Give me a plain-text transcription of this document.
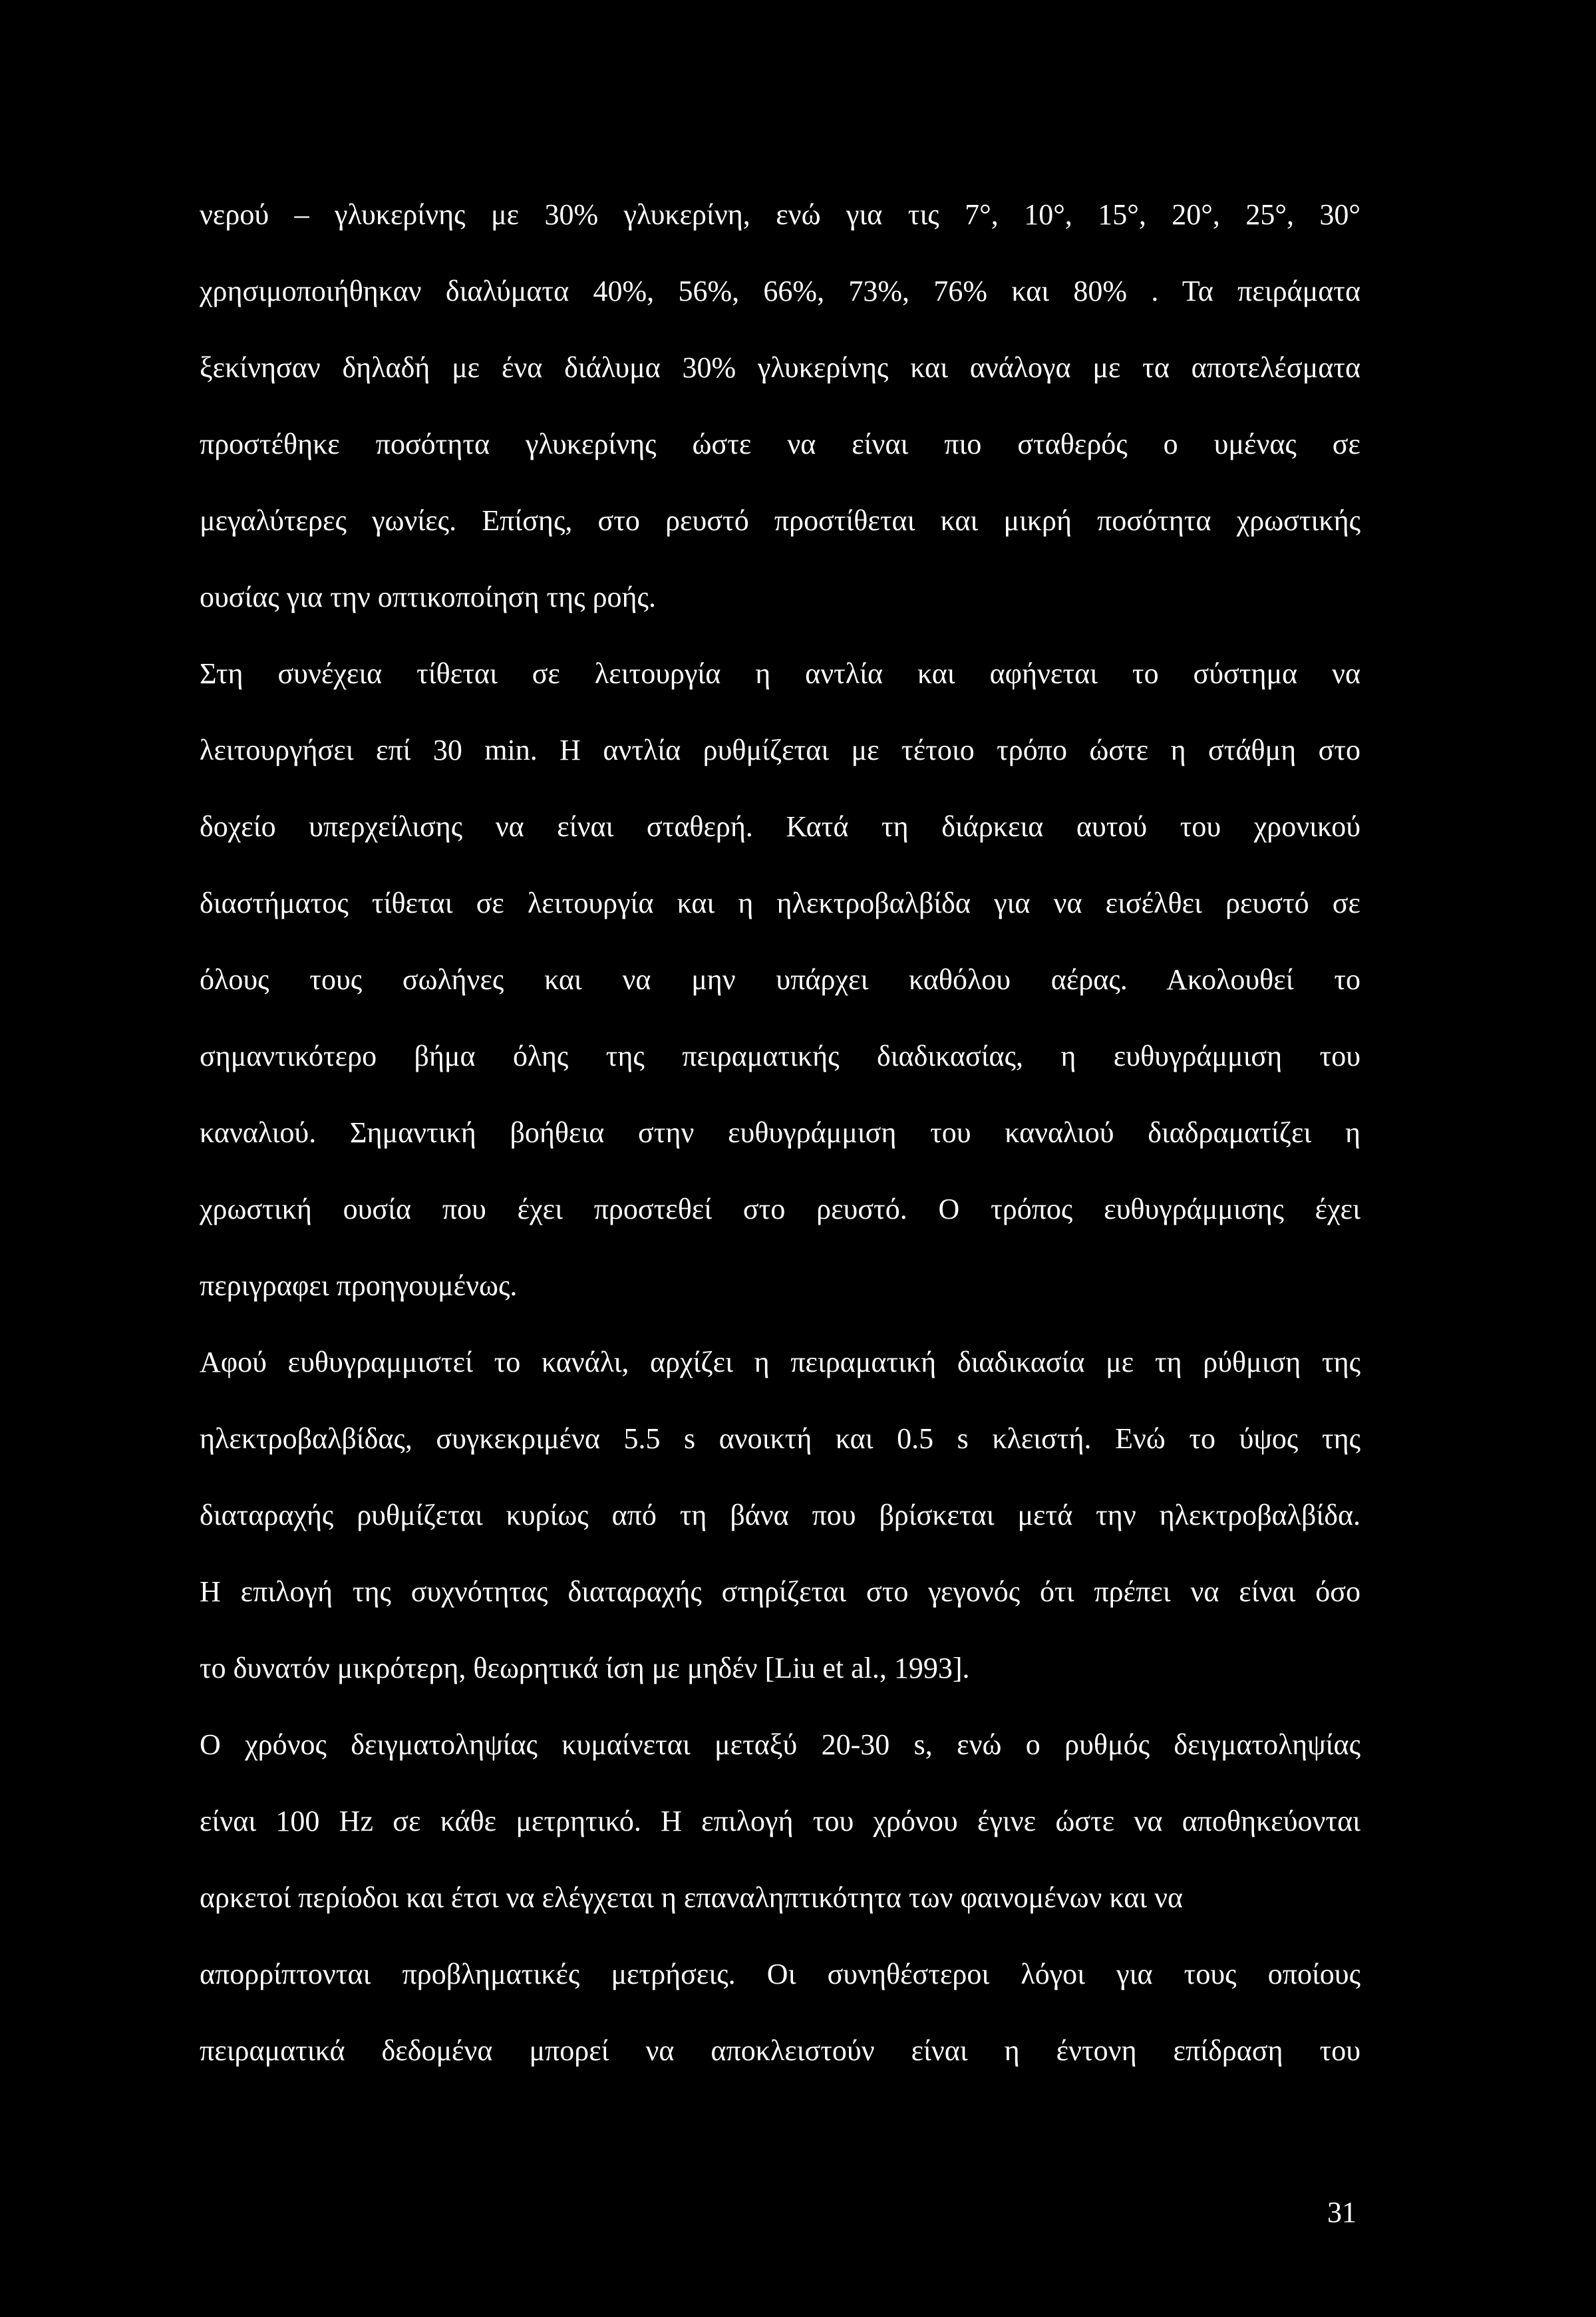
νερού – γλυκερίνης με 30% γλυκερίνη, ενώ για τις 7°, 10°, 15°, 20°, 25°, 30°
χρησιμοποιήθηκαν διαλύματα 40%, 56%, 66%, 73%, 76% και 80% . Τα πειράματα
ξεκίνησαν δηλαδή με ένα διάλυμα 30% γλυκερίνης και ανάλογα με τα αποτελέσματα
προστέθηκε ποσότητα γλυκερίνης ώστε να είναι πιο σταθερός ο υμένας σε
μεγαλύτερες γωνίες. Επίσης, στο ρευστό προστίθεται και μικρή ποσότητα χρωστικής
ουσίας για την οπτικοποίηση της ροής.
Στη συνέχεια τίθεται σε λειτουργία η αντλία και αφήνεται το σύστημα να
λειτουργήσει επί 30 min. Η αντλία ρυθμίζεται με τέτοιο τρόπο ώστε η στάθμη στο
δοχείο υπερχείλισης να είναι σταθερή. Κατά τη διάρκεια αυτού του χρονικού
διαστήματος τίθεται σε λειτουργία και η ηλεκτροβαλβίδα για να εισέλθει ρευστό σε
όλους τους σωλήνες και να μην υπάρχει καθόλου αέρας. Ακολουθεί το
σημαντικότερο βήμα όλης της πειραματικής διαδικασίας, η ευθυγράμμιση του
καναλιού. Σημαντική βοήθεια στην ευθυγράμμιση του καναλιού διαδραματίζει η
χρωστική ουσία που έχει προστεθεί στο ρευστό. Ο τρόπος ευθυγράμμισης έχει
περιγραφει προηγουμένως.
Αφού ευθυγραμμιστεί το κανάλι, αρχίζει η πειραματική διαδικασία με τη ρύθμιση της
ηλεκτροβαλβίδας, συγκεκριμένα 5.5 s ανοικτή και 0.5 s κλειστή. Ενώ το ύψος της
διαταραχής ρυθμίζεται κυρίως από τη βάνα που βρίσκεται μετά την ηλεκτροβαλβίδα.
Η επιλογή της συχνότητας διαταραχής στηρίζεται στο γεγονός ότι πρέπει να είναι όσο
το δυνατόν μικρότερη, θεωρητικά ίση με μηδέν [Liu et al., 1993].
Ο χρόνος δειγματοληψίας κυμαίνεται μεταξύ 20-30 s, ενώ ο ρυθμός δειγματοληψίας
είναι 100 Hz σε κάθε μετρητικό. Η επιλογή του χρόνου έγινε ώστε να αποθηκεύονται
αρκετοί περίοδοι και έτσι να ελέγχεται η επαναληπτικότητα των φαινομένων και να
απορρίπτονται προβληματικές μετρήσεις. Οι συνηθέστεροι λόγοι για τους οποίους
πειραματικά δεδομένα μπορεί να αποκλειστούν είναι η έντονη επίδραση του
31
